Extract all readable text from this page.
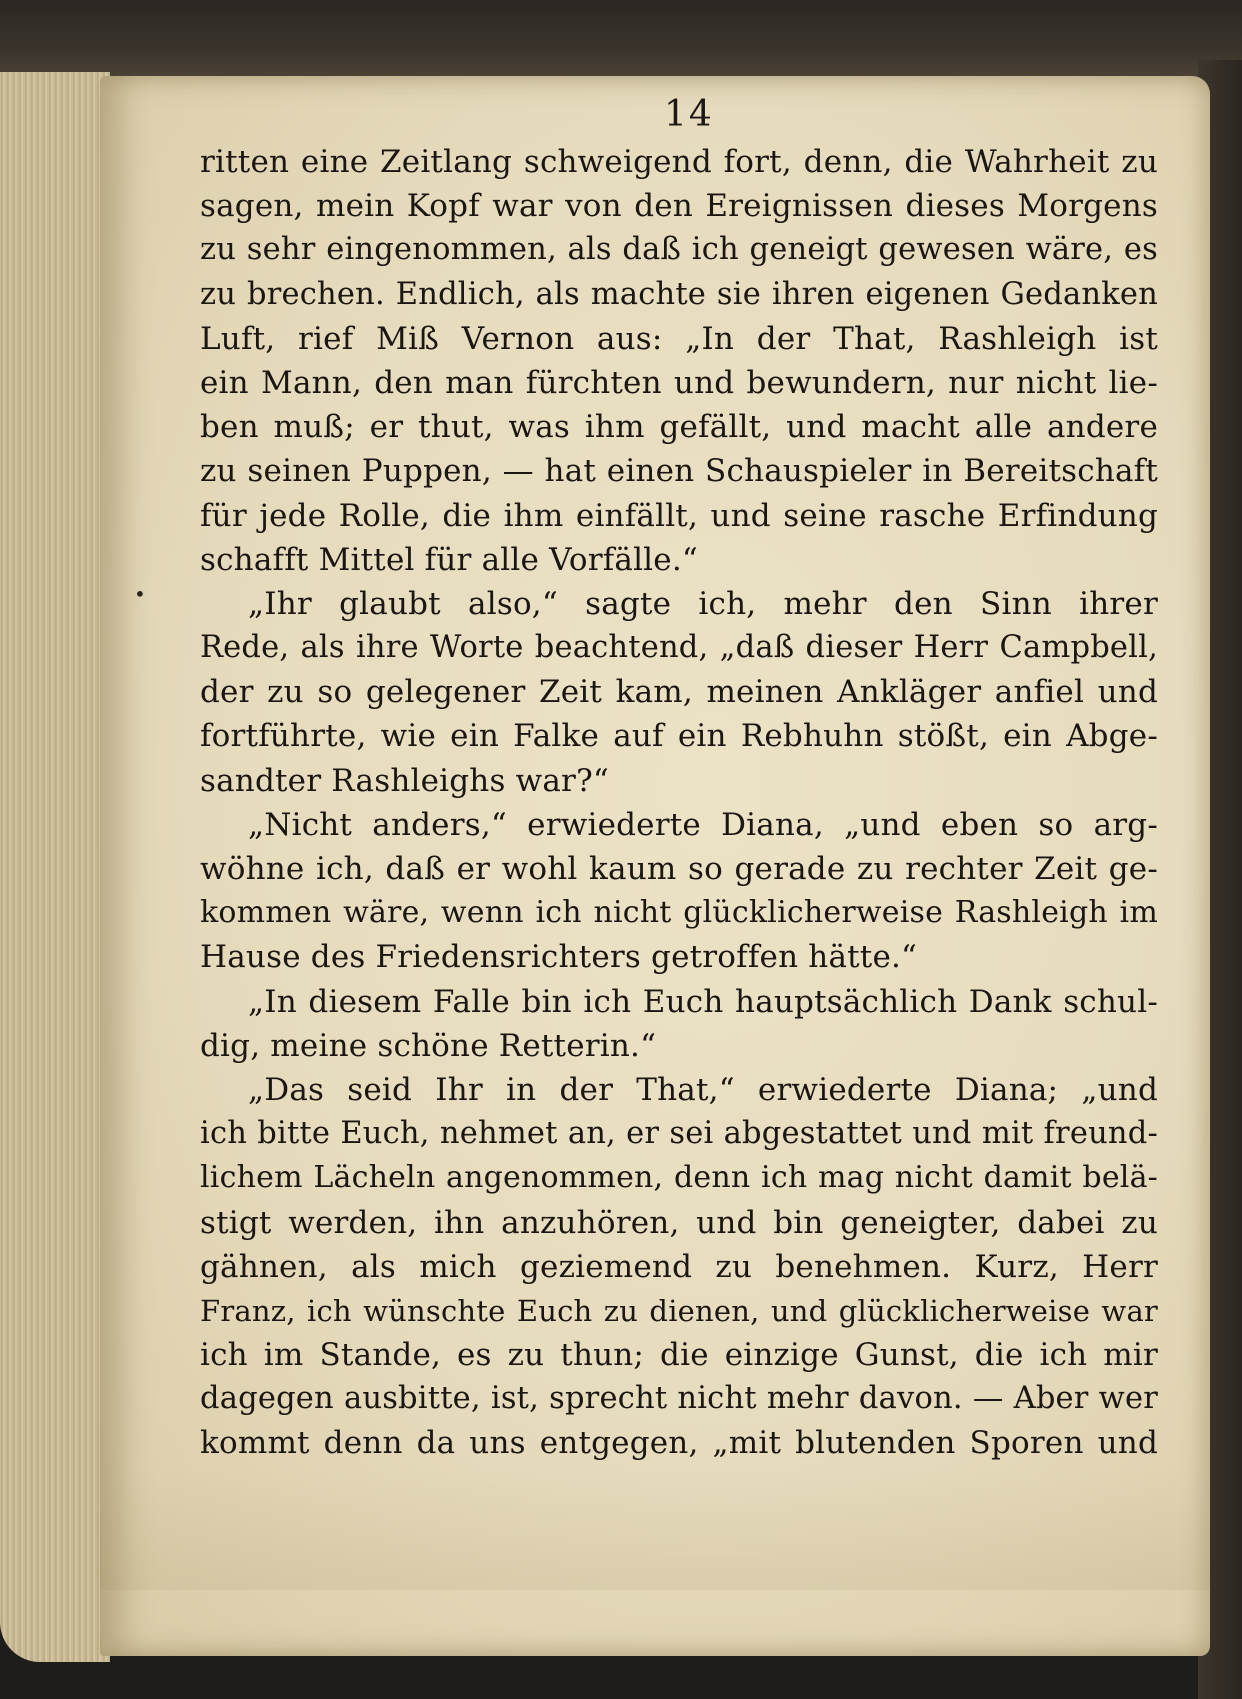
14
•
ritten eine Zeitlang schweigend fort, denn, die Wahrheit zu
sagen, mein Kopf war von den Ereignissen dieses Morgens
zu sehr eingenommen, als daß ich geneigt gewesen wäre, es
zu brechen. Endlich, als machte sie ihren eigenen Gedanken
Luft, rief Miß Vernon aus: „In der That, Rashleigh ist
ein Mann, den man fürchten und bewundern, nur nicht lie-
ben muß; er thut, was ihm gefällt, und macht alle andere
zu seinen Puppen, — hat einen Schauspieler in Bereitschaft
für jede Rolle, die ihm einfällt, und seine rasche Erfindung
schafft Mittel für alle Vorfälle.“
„Ihr glaubt also,“ sagte ich, mehr den Sinn ihrer
Rede, als ihre Worte beachtend, „daß dieser Herr Campbell,
der zu so gelegener Zeit kam, meinen Ankläger anfiel und
fortführte, wie ein Falke auf ein Rebhuhn stößt, ein Abge-
sandter Rashleighs war?“
„Nicht anders,“ erwiederte Diana, „und eben so arg-
wöhne ich, daß er wohl kaum so gerade zu rechter Zeit ge-
kommen wäre, wenn ich nicht glücklicherweise Rashleigh im
Hause des Friedensrichters getroffen hätte.“
„In diesem Falle bin ich Euch hauptsächlich Dank schul-
dig, meine schöne Retterin.“
„Das seid Ihr in der That,“ erwiederte Diana; „und
ich bitte Euch, nehmet an, er sei abgestattet und mit freund-
lichem Lächeln angenommen, denn ich mag nicht damit belä-
stigt werden, ihn anzuhören, und bin geneigter, dabei zu
gähnen, als mich geziemend zu benehmen. Kurz, Herr
Franz, ich wünschte Euch zu dienen, und glücklicherweise war
ich im Stande, es zu thun; die einzige Gunst, die ich mir
dagegen ausbitte, ist, sprecht nicht mehr davon. — Aber wer
kommt denn da uns entgegen, „mit blutenden Sporen und
